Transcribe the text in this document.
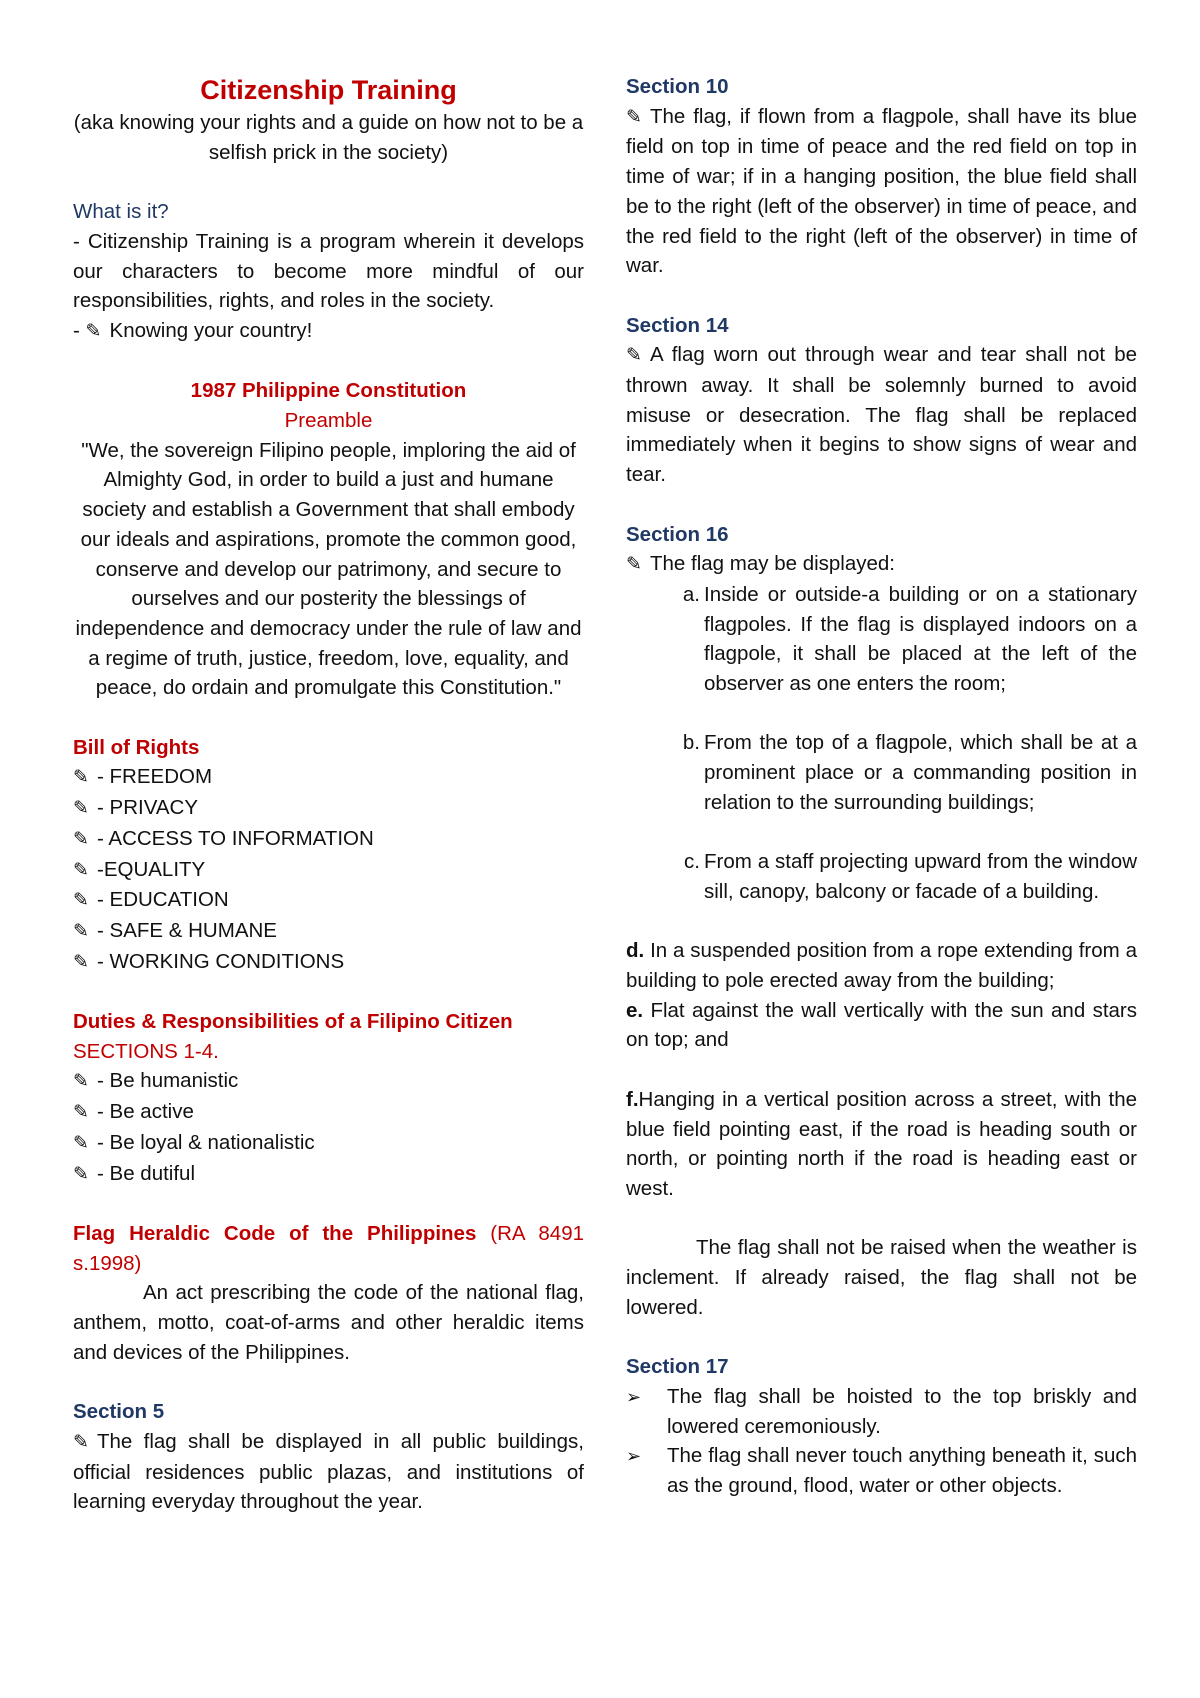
Citizenship Training

(aka knowing your rights and a guide on how not to be a selfish prick in the society)

What is it?

- Citizenship Training is a program wherein it develops our characters to become more mindful of our responsibilities, rights, and roles in the society.

- ✎Knowing your country!

1987 Philippine Constitution

Preamble

"We, the sovereign Filipino people, imploring the aid of Almighty God, in order to build a just and humane society and establish a Government that shall embody our ideals and aspirations, promote the common good, conserve and develop our patrimony, and secure to ourselves and our posterity the blessings of independence and democracy under the rule of law and a regime of truth, justice, freedom, love, equality, and peace, do ordain and promulgate this Constitution."

Bill of Rights

✎- FREEDOM

✎- PRIVACY

✎- ACCESS TO INFORMATION

✎-EQUALITY

✎- EDUCATION

✎- SAFE & HUMANE

✎- WORKING CONDITIONS

Duties & Responsibilities of a Filipino Citizen

SECTIONS 1-4.

✎- Be humanistic

✎- Be active

✎- Be loyal & nationalistic

✎- Be dutiful

Flag Heraldic Code of the Philippines (RA 8491 s.1998)

An act prescribing the code of the national flag, anthem, motto, coat-of-arms and other heraldic items and devices of the Philippines.

Section 5

✎The flag shall be displayed in all public buildings, official residences public plazas, and institutions of learning everyday throughout the year.

Section 10

✎The flag, if flown from a flagpole, shall have its blue field on top in time of peace and the red field on top in time of war; if in a hanging position, the blue field shall be to the right (left of the observer) in time of peace, and the red field to the right (left of the observer) in time of war.

Section 14

✎A flag worn out through wear and tear shall not be thrown away. It shall be solemnly burned to avoid misuse or desecration. The flag shall be replaced immediately when it begins to show signs of wear and tear.

Section 16

✎The flag may be displayed:

a. Inside or outside-a building or on a stationary flagpoles. If the flag is displayed indoors on a flagpole, it shall be placed at the left of the observer as one enters the room;
b. From the top of a flagpole, which shall be at a prominent place or a commanding position in relation to the surrounding buildings;
c. From a staff projecting upward from the window sill, canopy, balcony or facade of a building.

d. In a suspended position from a rope extending from a building to pole erected away from the building;

e. Flat against the wall vertically with the sun and stars on top; and

f.Hanging in a vertical position across a street, with the blue field pointing east, if the road is heading south or north, or pointing north if the road is heading east or west.

The flag shall not be raised when the weather is inclement. If already raised, the flag shall not be lowered.

Section 17

➢
The flag shall be hoisted to the top briskly and lowered ceremoniously.
➢
The flag shall never touch anything beneath it, such as the ground, flood, water or other objects.
